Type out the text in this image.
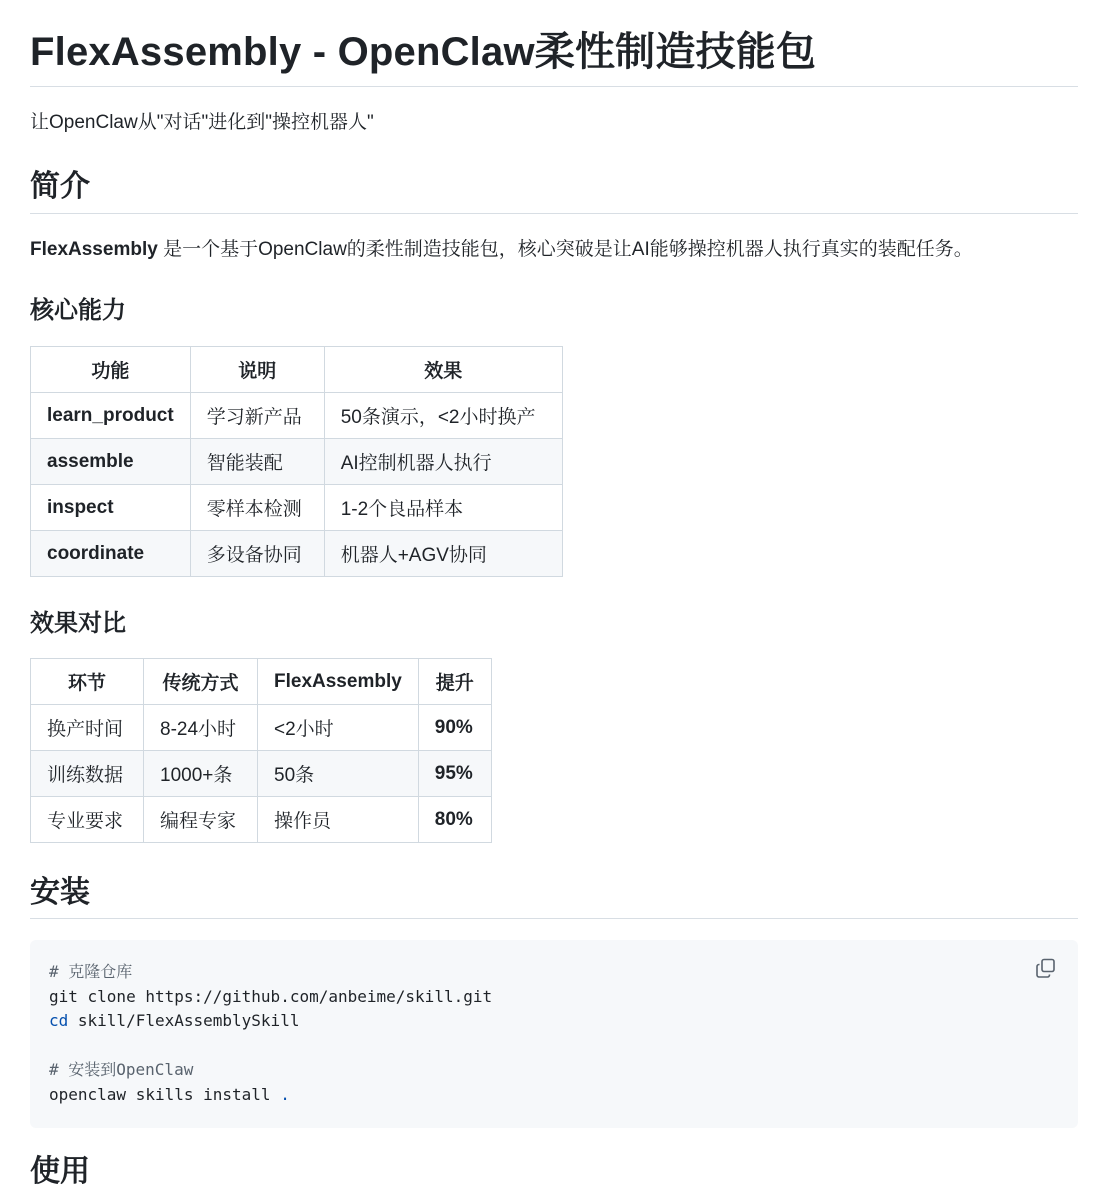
FlexAssembly - OpenClaw柔性制造技能包
让OpenClaw从"对话"进化到"操控机器人"
简介
FlexAssembly 是一个基于OpenClaw的柔性制造技能包，核心突破是让AI能够操控机器人执行真实的装配任务。
核心能力
功能	说明	效果
learn_product	学习新产品	50条演示，<2小时换产
assemble	智能装配	AI控制机器人执行
inspect	零样本检测	1-2个良品样本
coordinate	多设备协同	机器人+AGV协同
效果对比
环节	传统方式	FlexAssembly	提升
换产时间	8-24小时	<2小时	90%
训练数据	1000+条	50条	95%
专业要求	编程专家	操作员	80%
安装
# 克隆仓库
git clone https://github.com/anbeime/skill.git
cd skill/FlexAssemblySkill

# 安装到OpenClaw
openclaw skills install .
使用
